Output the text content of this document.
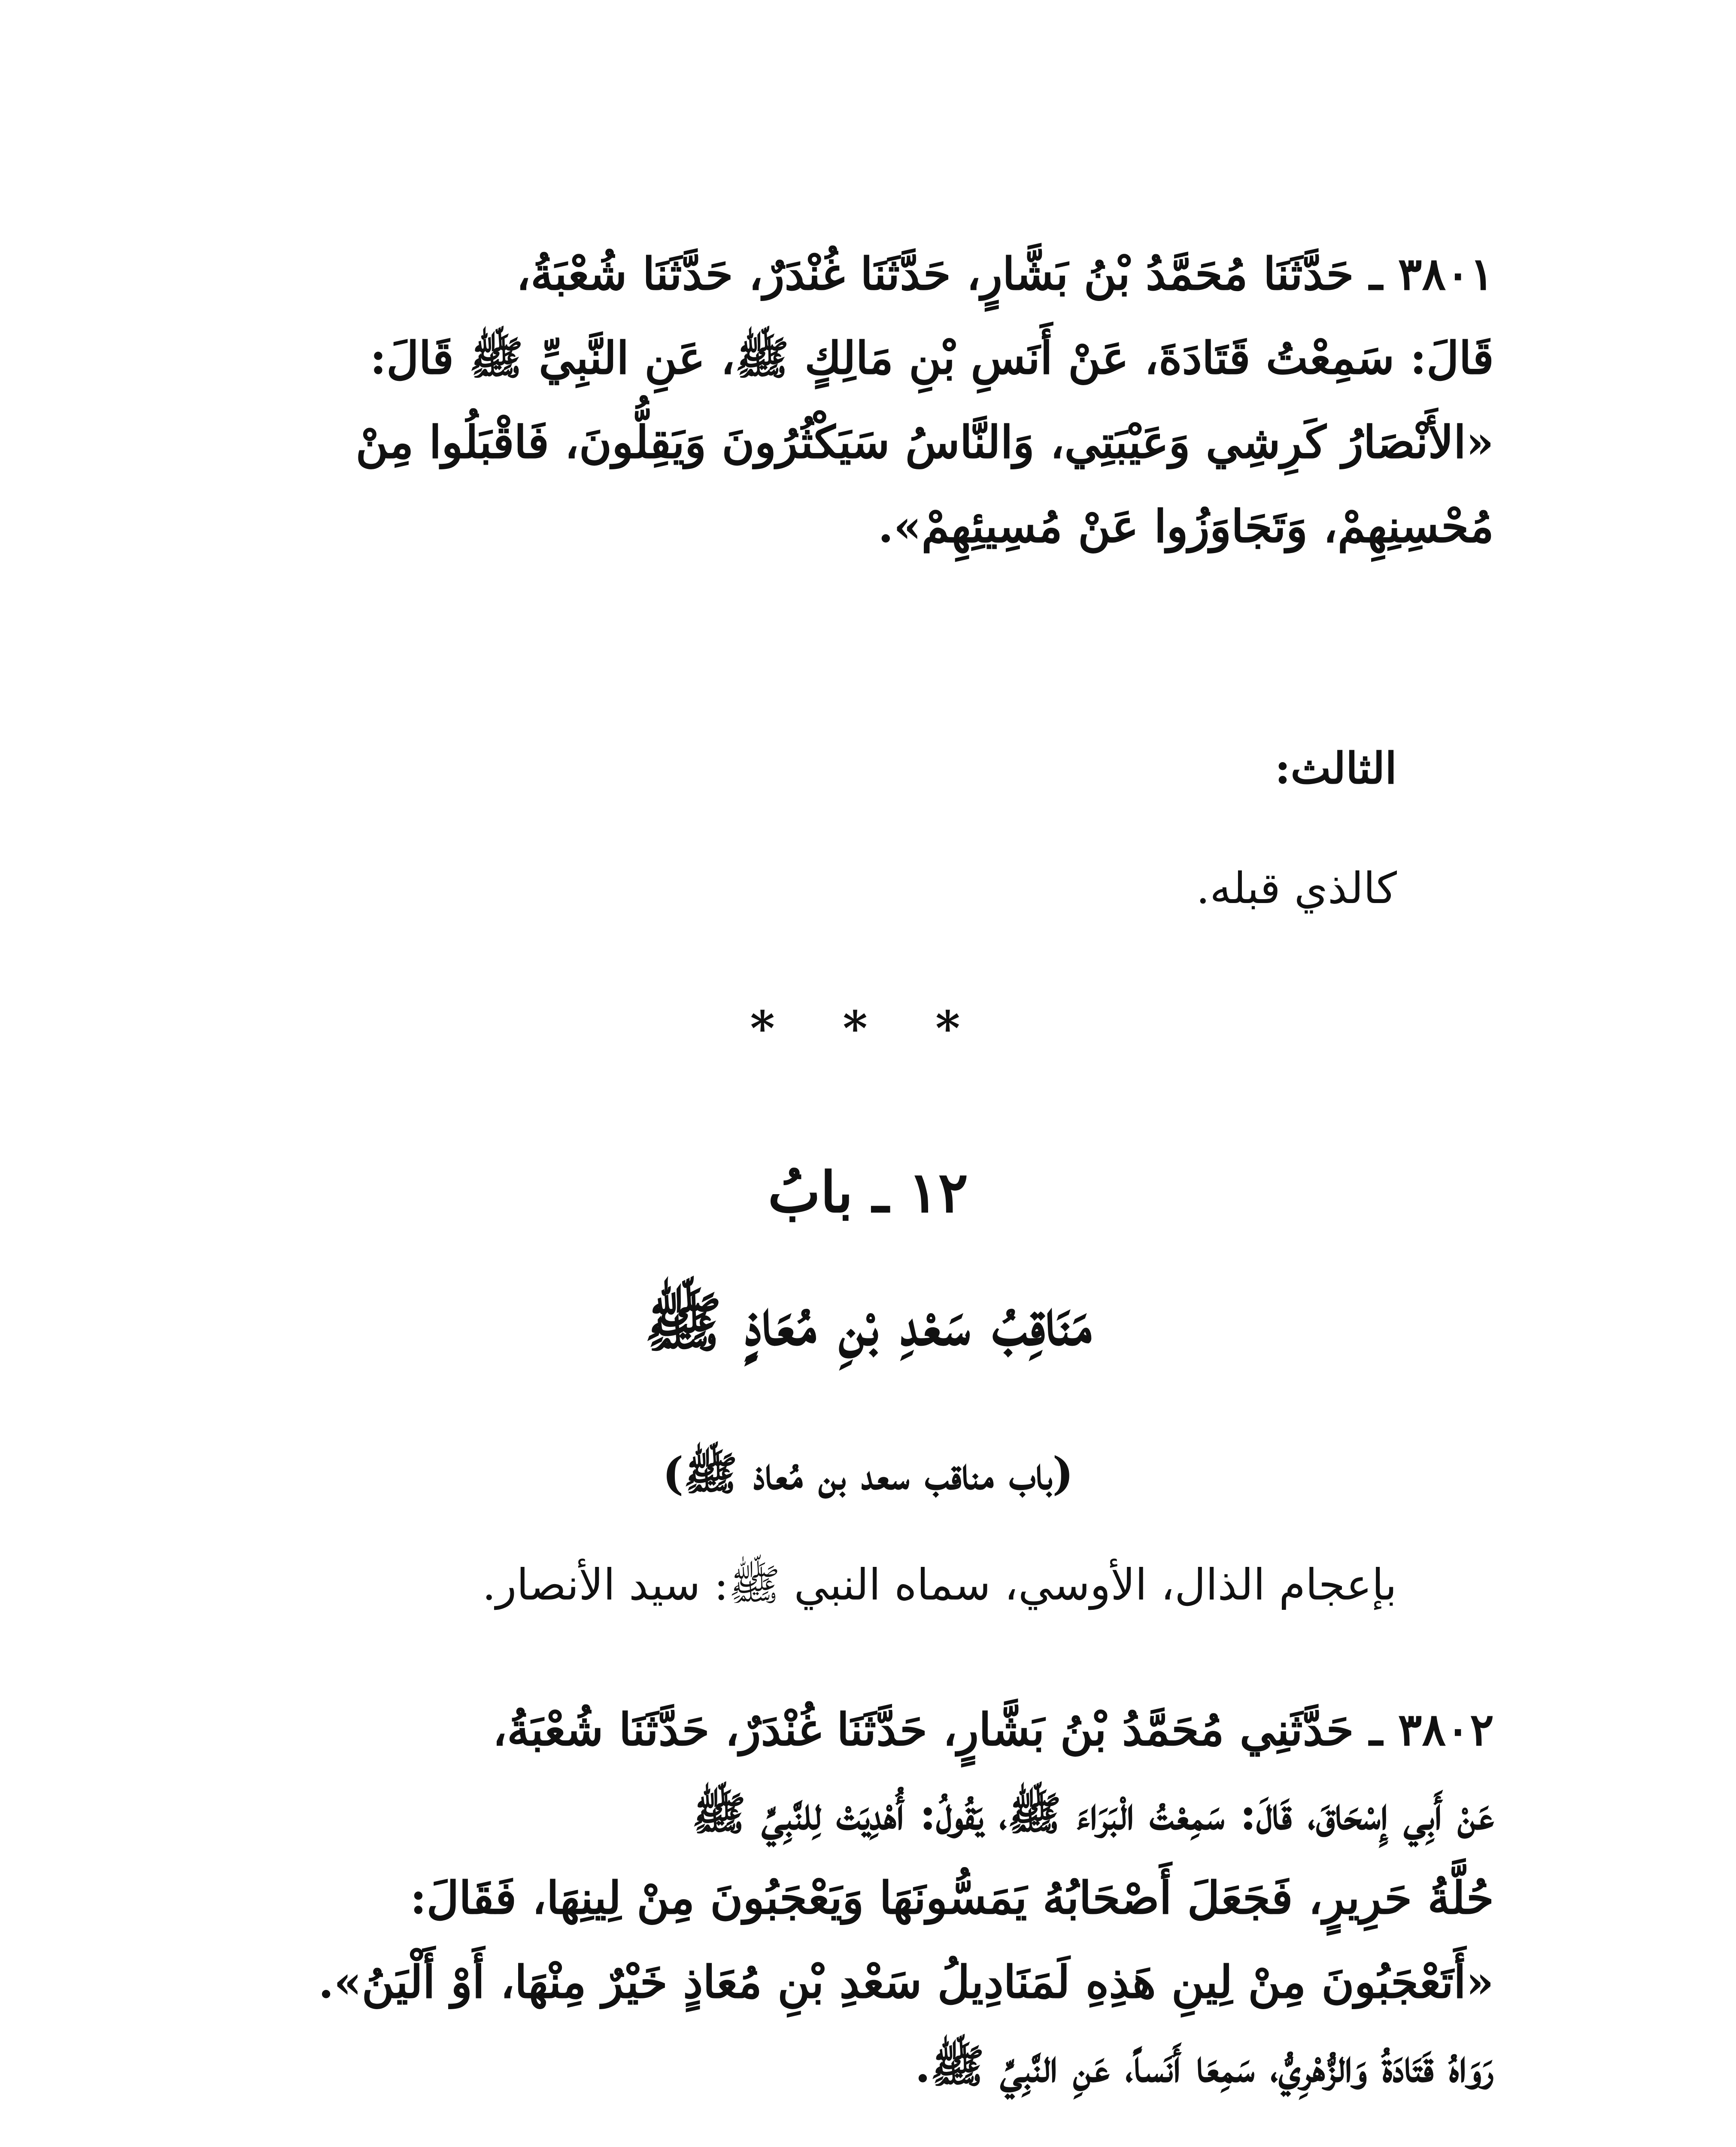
٣٨٠١ ـ حَدَّثَنَا مُحَمَّدُ بْنُ بَشَّارٍ، حَدَّثَنَا غُنْدَرٌ، حَدَّثَنَا شُعْبَةُ،
قَالَ: سَمِعْتُ قَتَادَةَ، عَنْ أَنَسِ بْنِ مَالِكٍ ﷺ، عَنِ النَّبِيِّ ﷺ قَالَ:
«الأَنْصَارُ كَرِشِي وَعَيْبَتِي، وَالنَّاسُ سَيَكْثُرُونَ وَيَقِلُّونَ، فَاقْبَلُوا مِنْ
مُحْسِنِهِمْ، وَتَجَاوَزُوا عَنْ مُسِيئِهِمْ».
الثالث:
كالذي قبله.
* * *
١٢ ـ بابُ
مَنَاقِبُ سَعْدِ بْنِ مُعَاذٍ ﷺ
(باب مناقب سعد بن مُعاذ ﷺ)
بإعجام الذال، الأوسي، سماه النبي ﷺ: سيد الأنصار.
٣٨٠٢ ـ حَدَّثَنِي مُحَمَّدُ بْنُ بَشَّارٍ، حَدَّثَنَا غُنْدَرٌ، حَدَّثَنَا شُعْبَةُ،
عَنْ أَبِي إِسْحَاقَ، قَالَ: سَمِعْتُ الْبَرَاءَ ﷺ، يَقُولُ: أُهْدِيَتْ لِلنَّبِيِّ ﷺ
حُلَّةُ حَرِيرٍ، فَجَعَلَ أَصْحَابُهُ يَمَسُّونَهَا وَيَعْجَبُونَ مِنْ لِينِهَا، فَقَالَ:
«أَتَعْجَبُونَ مِنْ لِينِ هَذِهِ لَمَنَادِيلُ سَعْدِ بْنِ مُعَاذٍ خَيْرٌ مِنْهَا، أَوْ أَلْيَنُ».
رَوَاهُ قَتَادَةُ وَالزُّهْرِيُّ، سَمِعَا أَنَساً، عَنِ النَّبِيِّ ﷺ.
